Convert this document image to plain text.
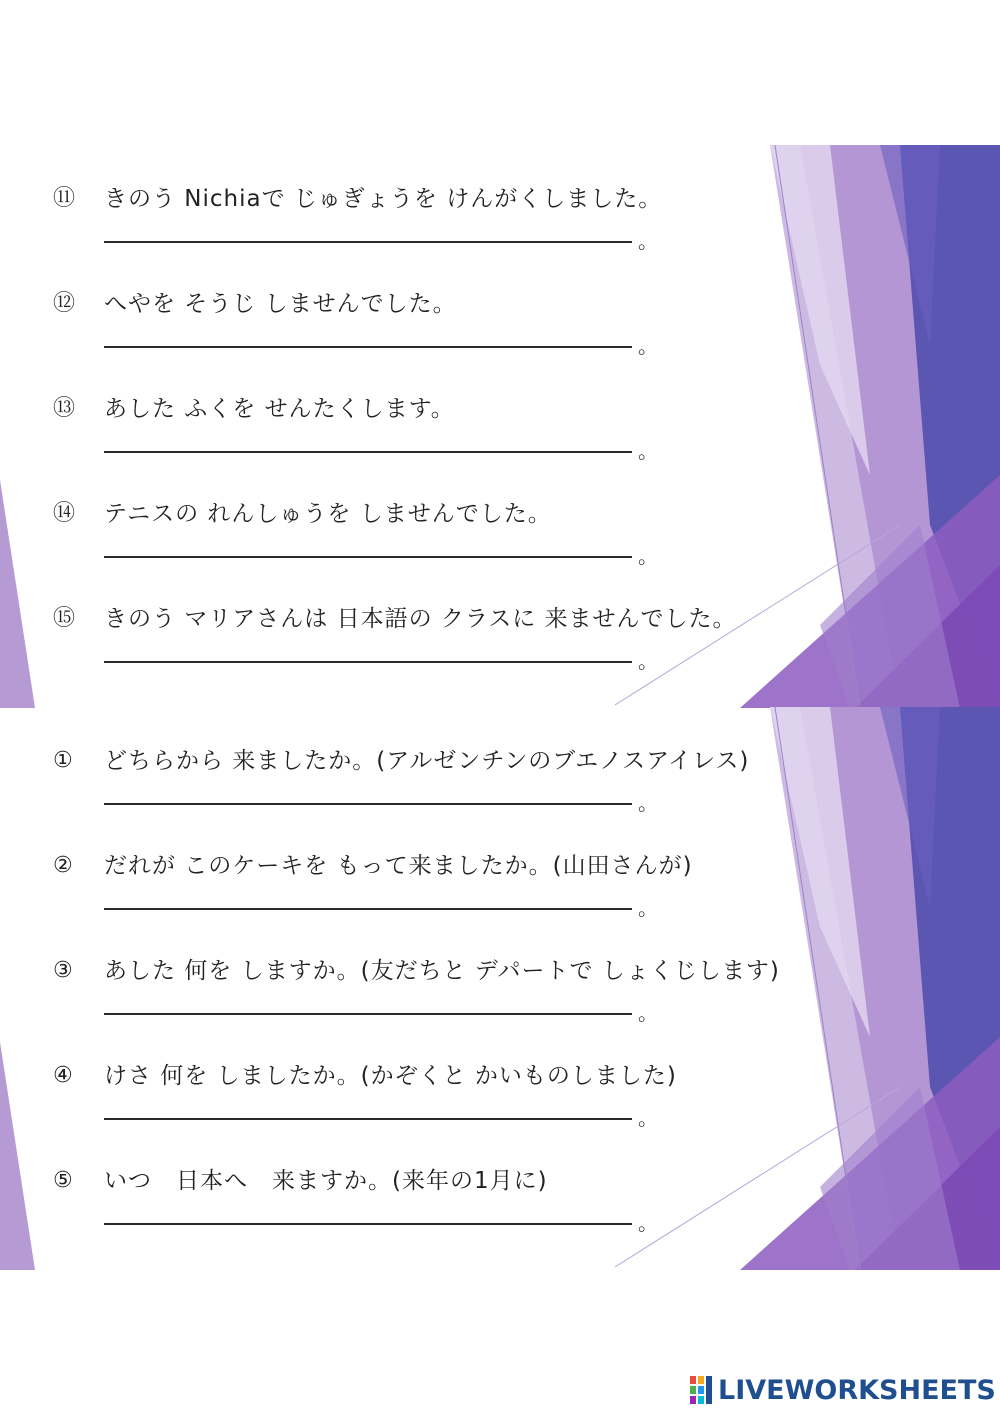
⑪ きのう Nichiaで じゅぎょうを けんがくしました。
。
⑫ へやを そうじ しませんでした。
。
⑬ あした ふくを せんたくします。
。
⑭ テニスの れんしゅうを しませんでした。
。
⑮ きのう マリアさんは 日本語の クラスに 来ませんでした。
。
① どちらから 来ましたか。(アルゼンチンのブエノスアイレス)
。
② だれが このケーキを もって来ましたか。(山田さんが)
。
③ あした 何を しますか。(友だちと デパートで しょくじします)
。
④ けさ 何を しましたか。(かぞくと かいものしました)
。
⑤ いつ　日本へ　来ますか。(来年の1月に)
。
LIVEWORKSHEETS
